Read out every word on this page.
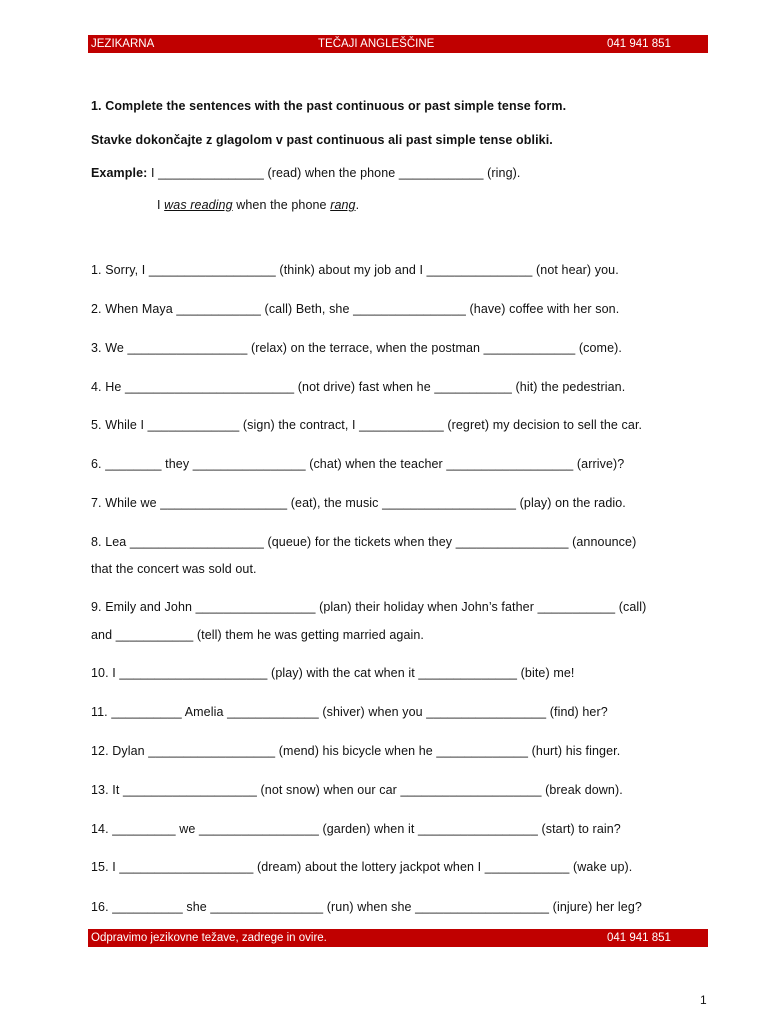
JEZIKARNA	TEČAJI ANGLEŠČINE	041 941 851
1. Complete the sentences with the past continuous or past simple tense form.
Stavke dokončajte z glagolom v past continuous ali past simple tense obliki.
Example: I _______________ (read) when the phone ____________ (ring).
I was reading when the phone rang.
1. Sorry, I __________________ (think) about my job and I _______________ (not hear) you.
2. When Maya ____________ (call) Beth, she ________________ (have) coffee with her son.
3. We _________________ (relax) on the terrace, when the postman _____________ (come).
4. He ________________________ (not drive) fast when he ___________ (hit) the pedestrian.
5. While I _____________ (sign) the contract, I ____________ (regret) my decision to sell the car.
6. ________ they ________________ (chat) when the teacher __________________ (arrive)?
7. While we __________________ (eat), the music ___________________ (play) on the radio.
8. Lea ___________________ (queue) for the tickets when they ________________ (announce)
that the concert was sold out.
9. Emily and John _________________ (plan) their holiday when John’s father ___________ (call)
and ___________ (tell) them he was getting married again.
10. I _____________________ (play) with the cat when it ______________ (bite) me!
11. __________ Amelia _____________ (shiver) when you _________________ (find) her?
12. Dylan __________________ (mend) his bicycle when he _____________ (hurt) his finger.
13. It ___________________ (not snow) when our car ____________________ (break down).
14. _________ we _________________ (garden) when it _________________ (start) to rain?
15. I ___________________ (dream) about the lottery jackpot when I ____________ (wake up).
16. __________ she ________________ (run) when she ___________________ (injure) her leg?
Odpravimo jezikovne težave, zadrege in ovire.	041 941 851
1
